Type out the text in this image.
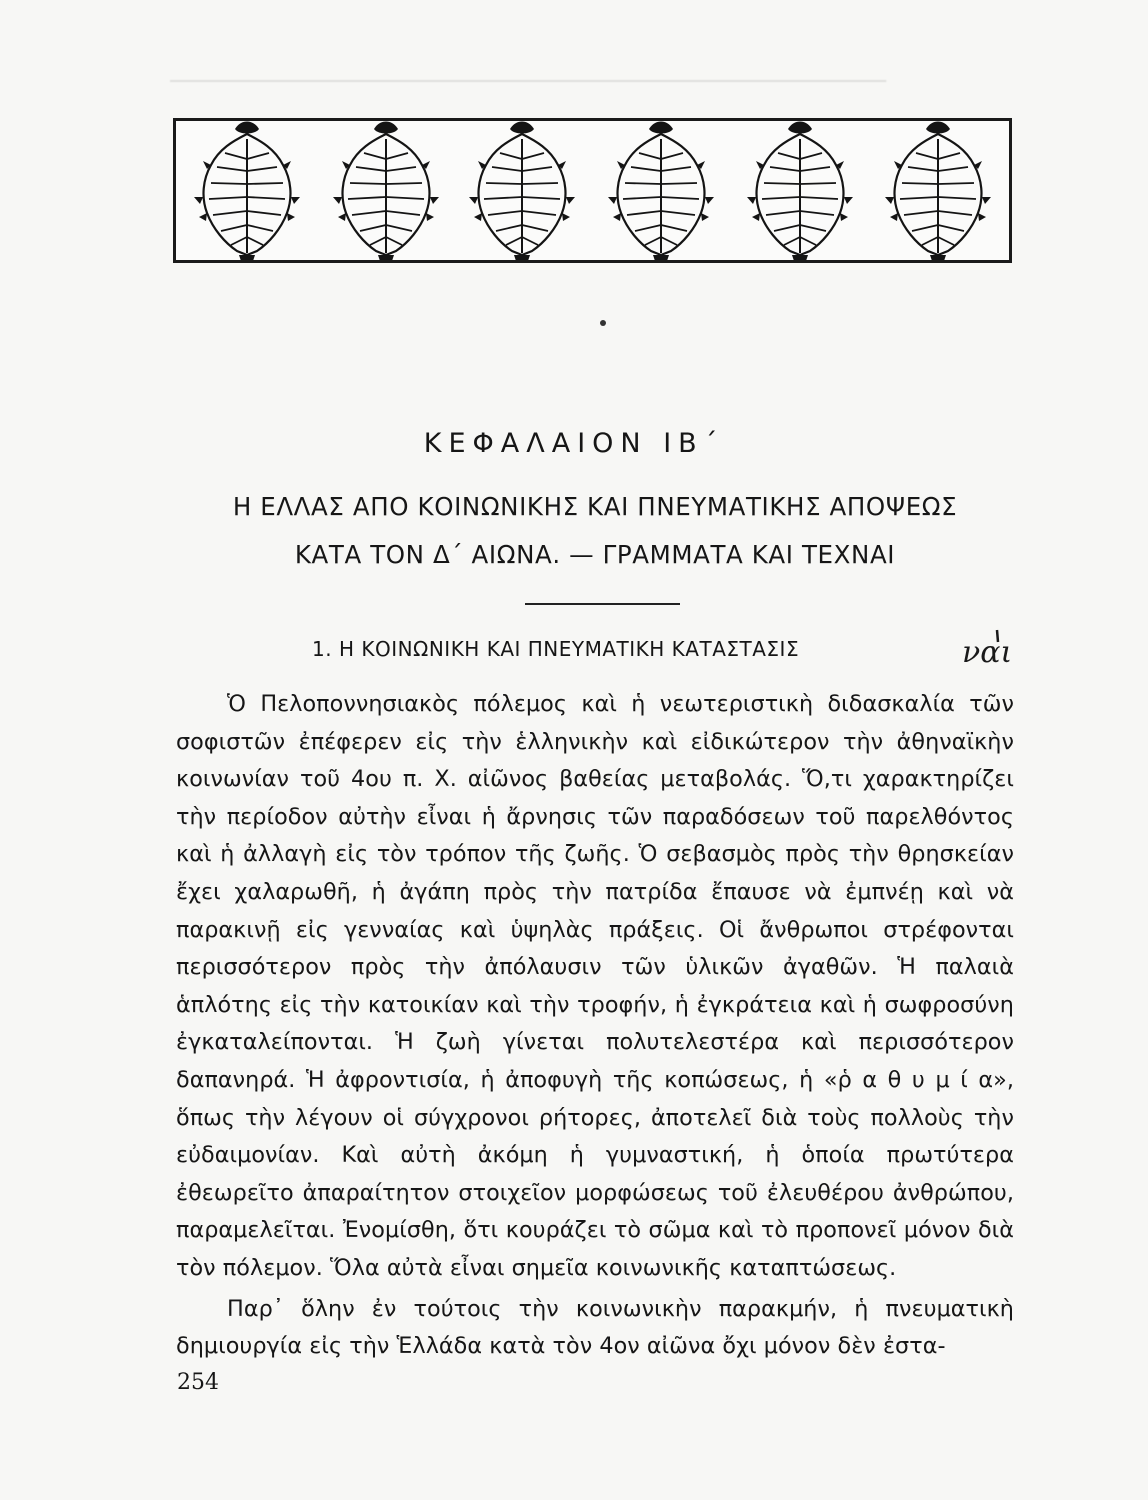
▔▔▔▔▔▔▔▔▔▔▔▔▔▔▔▔▔▔▔▔▔▔▔▔▔▔▔▔▔▔▔▔▔▔▔▔▔▔▔▔▔▔▔▔▔▔▔▔▔
ΚΕΦΑΛΑΙΟΝ ΙΒ΄
Η ΕΛΛΑΣ ΑΠΟ ΚΟΙΝΩΝΙΚΗΣ ΚΑΙ ΠΝΕΥΜΑΤΙΚΗΣ ΑΠΟΨΕΩΣ
ΚΑΤΑ ΤΟΝ Δ΄ ΑΙΩΝΑ. — ΓΡΑΜΜΑΤΑ ΚΑΙ ΤΕΧΝΑΙ
1. Η ΚΟΙΝΩΝΙΚΗ ΚΑΙ ΠΝΕΥΜΑΤΙΚΗ ΚΑΤΑΣΤΑΣΙΣ	ναι

Ὁ Πελοποννησιακὸς πόλεμος καὶ ἡ νεωτεριστικὴ διδασκαλία τῶν σοφιστῶν ἐπέφερεν εἰς τὴν ἑλληνικὴν καὶ εἰδικώτερον τὴν ἀθηναϊκὴν κοινωνίαν τοῦ 4ου π. Χ. αἰῶνος βαθείας μεταβολάς. Ὅ,τι χαρακτηρίζει τὴν περίοδον αὐτὴν εἶναι ἡ ἄρνησις τῶν παραδόσεων τοῦ παρελθόντος καὶ ἡ ἀλλαγὴ εἰς τὸν τρόπον τῆς ζωῆς. Ὁ σεβασμὸς πρὸς τὴν θρησκείαν ἔχει χαλαρωθῆ, ἡ ἀγάπη πρὸς τὴν πατρίδα ἔπαυσε νὰ ἐμπνέῃ καὶ νὰ παρακινῇ εἰς γενναίας καὶ ὑψηλὰς πράξεις. Οἱ ἄνθρωποι στρέφονται περισσότερον πρὸς τὴν ἀπόλαυσιν τῶν ὑλικῶν ἀγαθῶν. Ἡ παλαιὰ ἁπλότης εἰς τὴν κατοικίαν καὶ τὴν τροφήν, ἡ ἐγκράτεια καὶ ἡ σωφροσύνη ἐγκαταλείπονται. Ἡ ζωὴ γίνεται πολυτελεστέρα καὶ περισσότερον δαπανηρά. Ἡ ἀφροντισία, ἡ ἀποφυγὴ τῆς κοπώσεως, ἡ «ῥ α θ υ μ ί α», ὅπως τὴν λέγουν οἱ σύγχρονοι ρήτορες, ἀποτελεῖ διὰ τοὺς πολλοὺς τὴν εὐδαιμονίαν. Καὶ αὐτὴ ἀκόμη ἡ γυμναστική, ἡ ὁποία πρωτύτερα ἐθεωρεῖτο ἀπαραίτητον στοιχεῖον μορφώσεως τοῦ ἐλευθέρου ἀνθρώπου, παραμελεῖται. Ἐνομίσθη, ὅτι κουράζει τὸ σῶμα καὶ τὸ προπονεῖ μόνον διὰ τὸν πόλεμον. Ὅλα αὐτὰ εἶναι σημεῖα κοινωνικῆς καταπτώσεως.

Παρ᾽ ὅλην ἐν τούτοις τὴν κοινωνικὴν παρακμήν, ἡ πνευματικὴ δημιουργία εἰς τὴν Ἑλλάδα κατὰ τὸν 4ον αἰῶνα ὄχι μόνον δὲν ἐστα-

254
